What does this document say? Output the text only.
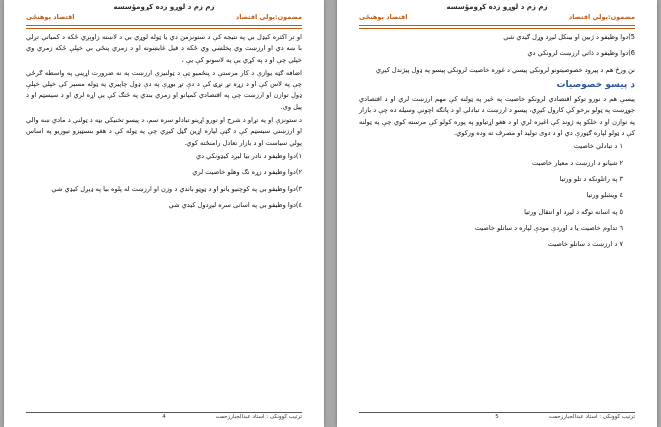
زم زم د لوړو زده کړومؤسسه
مضمون:پولي اقتصاد
اقتصاد پوهنځی

او تر اکثره کیډل بي په نتیجه کې د ستونزمن دي یا ټوله لوړي بي د لاښته زاوېږي ځکه د کمیاتي تږلي با ښه دي او ارزښت وي پخلښي وي ځکه د فیل غایښونه او د زمري پنځي بي خپلې ځکه زمري وي خپلي چې او د په کړي یې په لاسونو کې یې ،

اضافه ګټه يوازې د کار مرستې د پنځمیو ټې د ټولنیزې ارزښت په نه ضرورت اړینې په واسطه ګرځي چې په لاس کې او د زړه تړ نړۍ کې د دې تړ بوړې په دې ډول چاپیري په ټوله مسیر کې خپلي خپلې ډول توازن او ارزښت چې په اقتصادي کمیانو او زمري بندي په څنګ کې یې اړه لري او د سیسټم او د پیل وی.

د ستونزې او په تړاو د شرح او نورو اړینو تبادلو سره سم، د پیسو تخنیکي بڼه د ټولنې د مادي ښه والي او ارزښتي سیسټم کې د ګټې لپاره اړین ګڼل کیږي چې په ټوله کې د هغو بنسټیزو تیوریو په اساس پولي سیاست او د بازار تعادل رامنځته کوي.

١)دوا وظیفو د نادر بیا لیږد کیډونکي دي

٢)دوا وظیفو د زړه نګ وهلو خاصیت لري

٣)دوا وظیفو بي په کوچنیو یانو او د ټوټو باندي د وزن او ارزښت له پلوه بیا په ډیږل کیډي شي

٤)دوا وظیفو بي په اسانی سره لیږدول کیدي شي

ترتیب کوونکی : استاد عبدالجبارزحمت
4
زم زم د لوړو زده کړومؤسسه
مضمون:پولي اقتصاد
اقتصاد پوهنځی

5)دوا وظیفو د ژبین او بینکل لیږد وړل ګیدي شي

6)دوا وظیفو د ذاتي ارزښت لرونکي دي

نن ورځ هم د پیرود خصوصیتونو لرونکي پیسي د غوره خاصیت لرونکي پیسو په ډول پیژندل کیږي

د پیسو خصوصیات

پیسې هم د نورو توکو اقتصادي لرونکو خاصیت په څیر په ټولنه کې مهم ارزښت لري او د اقتصادي جوړښت په ټولو برخو کې کارول کیږي، پیسو د ارزښت د تبادلې او د پانګه اچونې وسیله ده چې د بازار په توازن او د خلکو په ژوند کې اغیزه لري او د هغو اړتیاوو په پوره کولو کې مرسته کوي چې په ټولنه کې د ټولو لپاره ګټورې دي او د دوی تولید او مصرف ته وده ورکوي.

١ د تبادلي خاصیت

٢ شیانو د ارزښت د معیار خاصیت

٣ په راتلونکه د تلو ورتیا

٤ ویشلو ورتیا

٥ په اسانه توګه د لیږد او انتقال ورتیا

٦ تداوم خاصیت یا د اوږدې مودې لپاره د ساتلو خاصیت

٧ د ارزښت د ساتلو خاصیت

ترتیب کوونکی : استاد عبدالجبارزحمت
5
